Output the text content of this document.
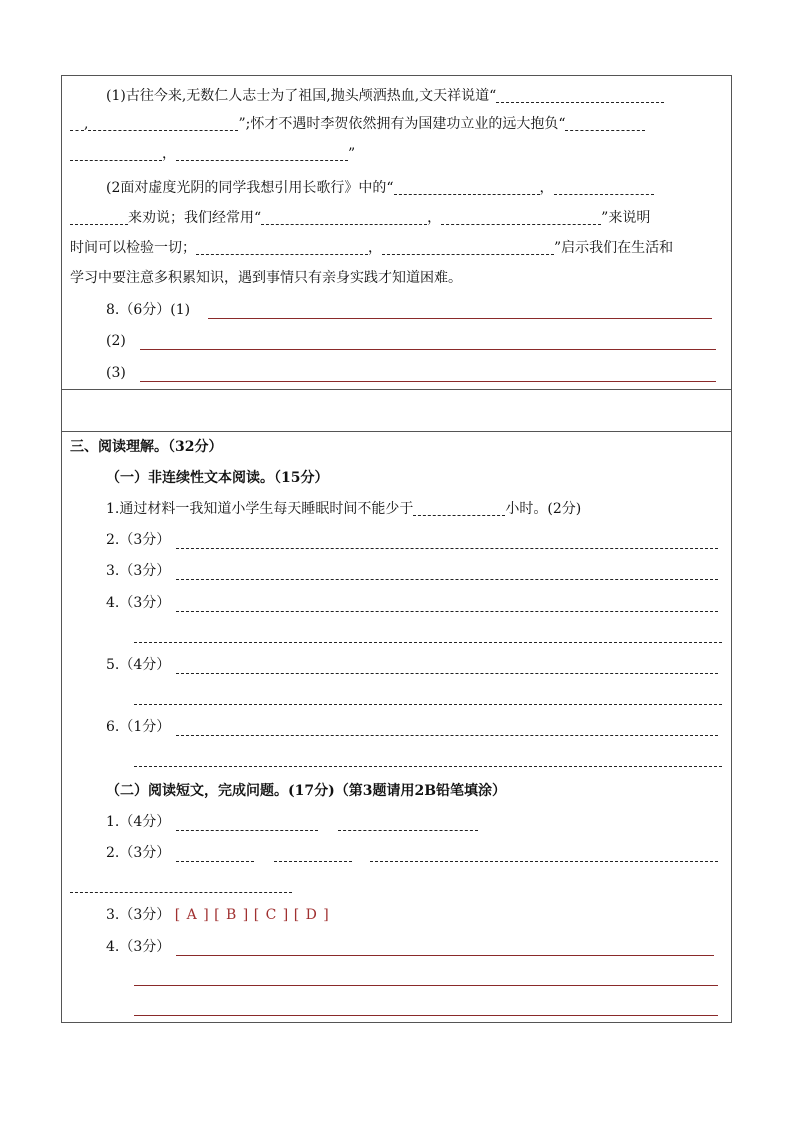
(1)古往今来,无数仁人志士为了祖国,抛头颅洒热血,文天祥说道“
,	”;怀才不遇时李贺依然拥有为国建功立业的远大抱负“
，	”
(2面对虚度光阴的同学我想引用长歌行》中的“	，
来劝说；我们经常用“	，	”来说明
时间可以检验一切；	，	”启示我们在生活和
学习中要注意多积累知识，遇到事情只有亲身实践才知道困难。
8.（6分）(1)
(2)
(3)
三、阅读理解。（32分）
（一）非连续性文本阅读。（15分）
1.通过材料一我知道小学生每天睡眠时间不能少于	小时。(2分)
2.（3分）
3.（3分）
4.（3分）
5.（4分）
6.（1分）
（二）阅读短文，完成问题。(17分)（第3题请用2B铅笔填涂）
1.（4分）
2.（3分）
3.（3分） [ A ] [ B ] [ C ] [ D ]
4.（3分）
